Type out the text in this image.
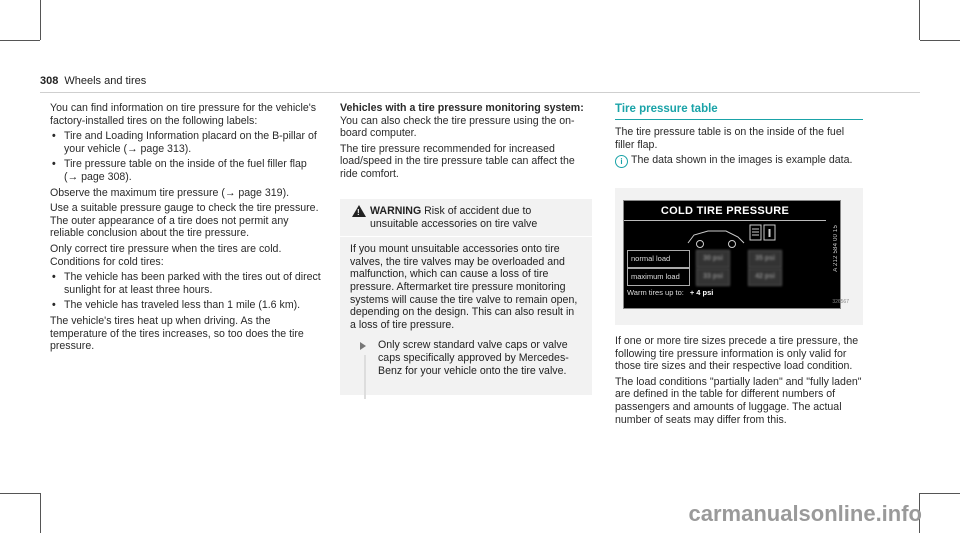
308 Wheels and tires

You can find information on tire pressure for the vehicle's factory-installed tires on the following labels:

• Tire and Loading Information placard on the B-pillar of your vehicle (→ page 313).
• Tire pressure table on the inside of the fuel filler flap (→ page 308).

Observe the maximum tire pressure (→ page 319).

Use a suitable pressure gauge to check the tire pressure. The outer appearance of a tire does not permit any reliable conclusion about the tire pressure.

Only correct tire pressure when the tires are cold. Conditions for cold tires:

• The vehicle has been parked with the tires out of direct sunlight for at least three hours.
• The vehicle has traveled less than 1 mile (1.6 km).

The vehicle's tires heat up when driving. As the temperature of the tires increases, so too does the tire pressure.

Vehicles with a tire pressure monitoring system: You can also check the tire pressure using the on-board computer.

The tire pressure recommended for increased load/speed in the tire pressure table can affect the ride comfort.

! WARNING Risk of accident due to unsuitable accessories on tire valve
If you mount unsuitable accessories onto tire valves, the tire valves may be overloaded and malfunction, which can cause a loss of tire pressure. Aftermarket tire pressure monitoring systems will cause the tire valve to remain open, depending on the design. This can also result in a loss of tire pressure.
Only screw standard valve caps or valve caps specifically approved by Mercedes-Benz for your vehicle onto the tire valve.
Tire pressure table

The tire pressure table is on the inside of the fuel filler flap.

i The data shown in the images is example data.

COLD TIRE PRESSURE
normal load
maximum load
30 psi	35 psi
33 psi	42 psi
Warm tires up to: + 4 psi
A 212 584 00 15
326567

If one or more tire sizes precede a tire pressure, the following tire pressure information is only valid for those tire sizes and their respective load condition.

The load conditions "partially laden" and "fully laden" are defined in the table for different numbers of passengers and amounts of luggage. The actual number of seats may differ from this.

carmanualsonline.info
